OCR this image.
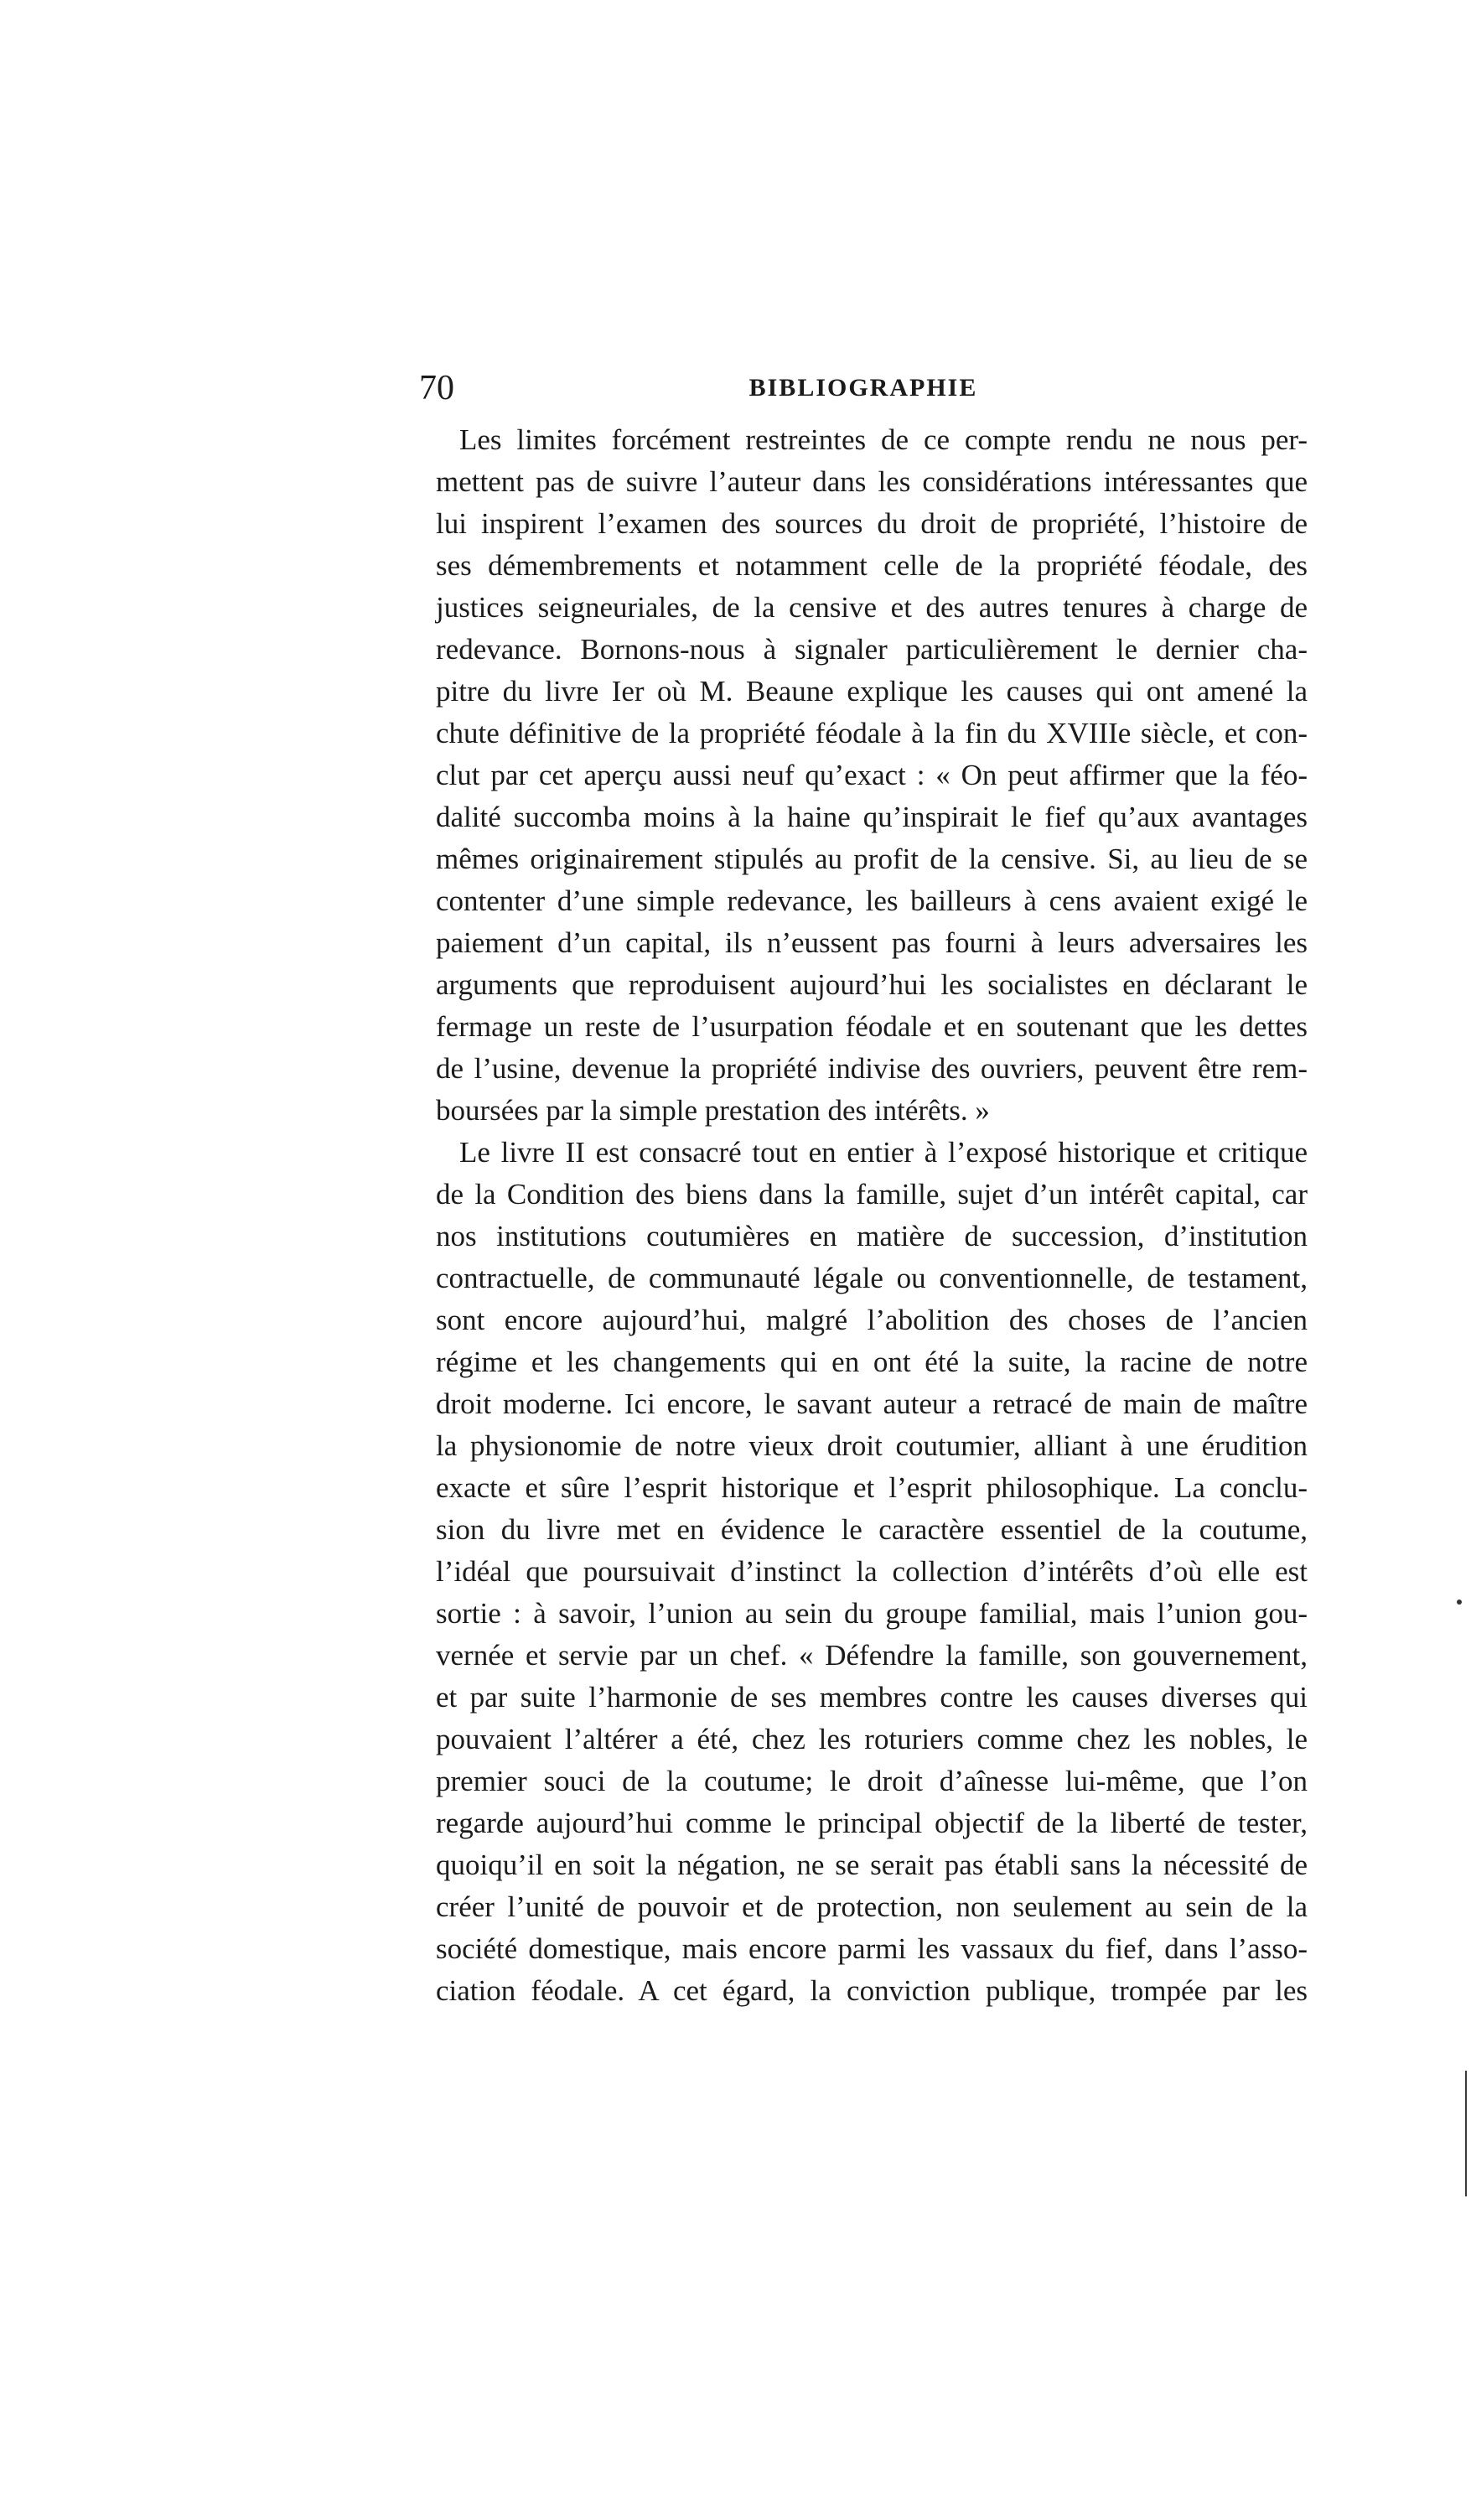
70	BIBLIOGRAPHIE
Les limites forcément restreintes de ce compte rendu ne nous per-
mettent pas de suivre l’auteur dans les considérations intéressantes que
lui inspirent l’examen des sources du droit de propriété, l’histoire de
ses démembrements et notamment celle de la propriété féodale, des
justices seigneuriales, de la censive et des autres tenures à charge de
redevance. Bornons-nous à signaler particulièrement le dernier cha-
pitre du livre Ier où M. Beaune explique les causes qui ont amené la
chute définitive de la propriété féodale à la fin du XVIIIe siècle, et con-
clut par cet aperçu aussi neuf qu’exact : « On peut affirmer que la féo-
dalité succomba moins à la haine qu’inspirait le fief qu’aux avantages
mêmes originairement stipulés au profit de la censive. Si, au lieu de se
contenter d’une simple redevance, les bailleurs à cens avaient exigé le
paiement d’un capital, ils n’eussent pas fourni à leurs adversaires les
arguments que reproduisent aujourd’hui les socialistes en déclarant le
fermage un reste de l’usurpation féodale et en soutenant que les dettes
de l’usine, devenue la propriété indivise des ouvriers, peuvent être rem-
boursées par la simple prestation des intérêts. »
Le livre II est consacré tout en entier à l’exposé historique et critique
de la Condition des biens dans la famille, sujet d’un intérêt capital, car
nos institutions coutumières en matière de succession, d’institution
contractuelle, de communauté légale ou conventionnelle, de testament,
sont encore aujourd’hui, malgré l’abolition des choses de l’ancien
régime et les changements qui en ont été la suite, la racine de notre
droit moderne. Ici encore, le savant auteur a retracé de main de maître
la physionomie de notre vieux droit coutumier, alliant à une érudition
exacte et sûre l’esprit historique et l’esprit philosophique. La conclu-
sion du livre met en évidence le caractère essentiel de la coutume,
l’idéal que poursuivait d’instinct la collection d’intérêts d’où elle est
sortie : à savoir, l’union au sein du groupe familial, mais l’union gou-
vernée et servie par un chef. « Défendre la famille, son gouvernement,
et par suite l’harmonie de ses membres contre les causes diverses qui
pouvaient l’altérer a été, chez les roturiers comme chez les nobles, le
premier souci de la coutume; le droit d’aînesse lui-même, que l’on
regarde aujourd’hui comme le principal objectif de la liberté de tester,
quoiqu’il en soit la négation, ne se serait pas établi sans la nécessité de
créer l’unité de pouvoir et de protection, non seulement au sein de la
société domestique, mais encore parmi les vassaux du fief, dans l’asso-
ciation féodale. A cet égard, la conviction publique, trompée par les
